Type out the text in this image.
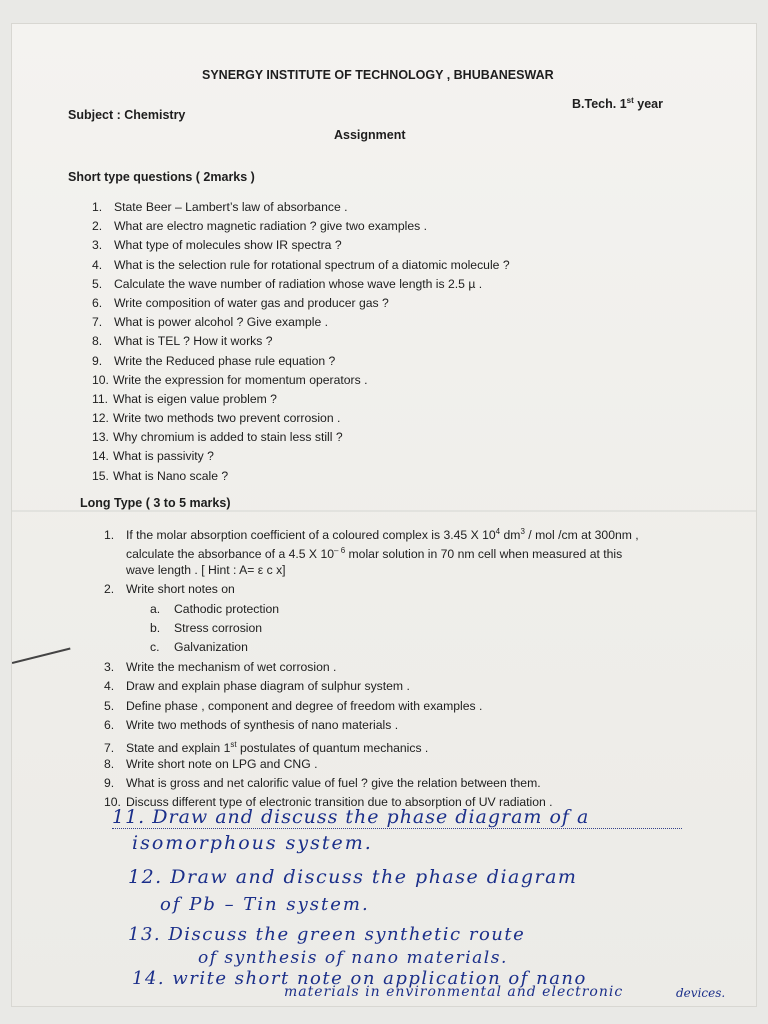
SYNERGY INSTITUTE OF TECHNOLOGY , BHUBANESWAR
Subject : Chemistry
B.Tech. 1st year
Assignment
Short type questions ( 2marks )
1. State Beer – Lambert’s law of absorbance .
2. What are electro magnetic radiation ? give two examples .
3. What type of molecules show IR spectra ?
4. What is the selection rule for rotational spectrum of a diatomic molecule ?
5. Calculate the wave number of radiation whose wave length is 2.5 µ .
6. Write composition of water gas and producer gas ?
7. What is power alcohol ? Give example .
8. What is TEL ? How it works ?
9. Write the Reduced phase rule equation ?
10. Write the expression for momentum operators .
11. What is eigen value problem ?
12. Write two methods two prevent corrosion .
13. Why chromium is added to stain less still ?
14. What is passivity ?
15. What is Nano scale ?
Long Type ( 3 to 5 marks)
1. If the molar absorption coefficient of a coloured complex is 3.45 X $10^4$ $dm^3$ / mol /cm at 300nm ,
calculate the absorbance of a 4.5 X $10^{- 6}$ molar solution in 70 nm cell when measured at this
wave length . [ Hint : A= ε c x]
2. Write short notes on
a. Cathodic protection
b. Stress corrosion
c. Galvanization
3. Write the mechanism of wet corrosion .
4. Draw and explain phase diagram of sulphur system .
5. Define phase , component and degree of freedom with examples .
6. Write two methods of synthesis of nano materials .
7. State and explain 1st postulates of quantum mechanics .
8. Write short note on LPG and CNG .
9. What is gross and net calorific value of fuel ? give the relation between them.
10. Discuss different type of electronic transition due to absorption of UV radiation .
11. Draw and discuss the phase diagram of a
isomorphous system.
12. Draw and discuss the phase diagram
of Pb – Tin system.
13. Discuss the green synthetic route
of synthesis of nano materials.
14. write short note on application of nano
materials in environmental and electronic	devices.
